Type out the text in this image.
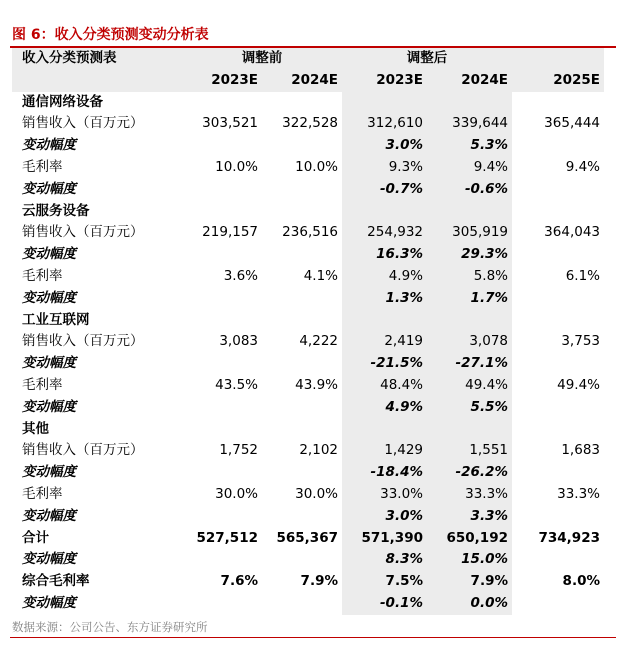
图 6：收入分类预测变动分析表
收入分类预测表	调整前		调整后		
	2023E	2024E	2023E	2024E	2025E
通信网络设备					
销售收入（百万元）	303,521	322,528	312,610	339,644	365,444
变动幅度			3.0%	5.3%	
毛利率	10.0%	10.0%	9.3%	9.4%	9.4%
变动幅度			-0.7%	-0.6%	
云服务设备					
销售收入（百万元）	219,157	236,516	254,932	305,919	364,043
变动幅度			16.3%	29.3%	
毛利率	3.6%	4.1%	4.9%	5.8%	6.1%
变动幅度			1.3%	1.7%	
工业互联网					
销售收入（百万元）	3,083	4,222	2,419	3,078	3,753
变动幅度			-21.5%	-27.1%	
毛利率	43.5%	43.9%	48.4%	49.4%	49.4%
变动幅度			4.9%	5.5%	
其他					
销售收入（百万元）	1,752	2,102	1,429	1,551	1,683
变动幅度			-18.4%	-26.2%	
毛利率	30.0%	30.0%	33.0%	33.3%	33.3%
变动幅度			3.0%	3.3%	
合计	527,512	565,367	571,390	650,192	734,923
变动幅度			8.3%	15.0%	
综合毛利率	7.6%	7.9%	7.5%	7.9%	8.0%
变动幅度			-0.1%	0.0%	
数据来源：公司公告、东方证券研究所
